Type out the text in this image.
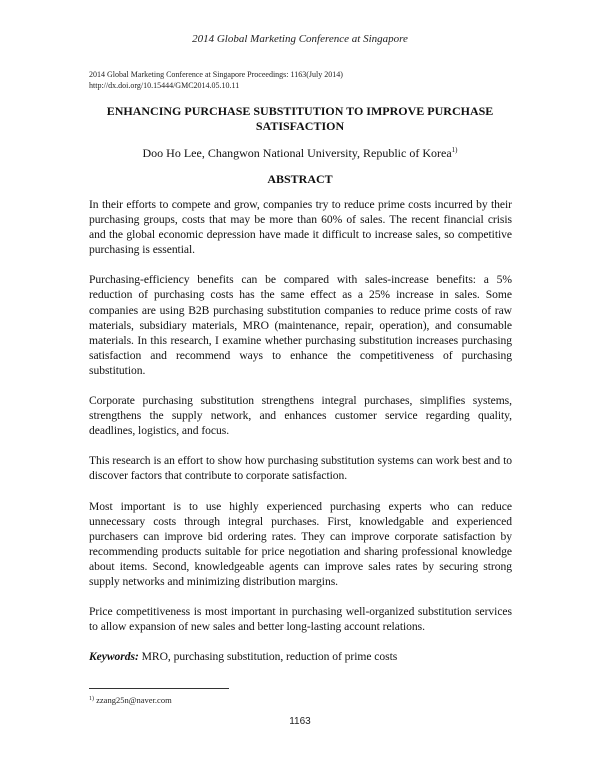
2014 Global Marketing Conference at Singapore
2014 Global Marketing Conference at Singapore Proceedings: 1163(July 2014)
http://dx.doi.org/10.15444/GMC2014.05.10.11
ENHANCING PURCHASE SUBSTITUTION TO IMPROVE PURCHASE
SATISFACTION
Doo Ho Lee, Changwon National University, Republic of Korea$^{1)}$
ABSTRACT

In their efforts to compete and grow, companies try to reduce prime costs incurred by their purchasing groups, costs that may be more than 60% of sales. The recent financial crisis and the global economic depression have made it difficult to increase sales, so competitive purchasing is essential.

Purchasing-efficiency benefits can be compared with sales-increase benefits: a 5% reduction of purchasing costs has the same effect as a 25% increase in sales. Some companies are using B2B purchasing substitution companies to reduce prime costs of raw materials, subsidiary materials, MRO (maintenance, repair, operation), and consumable materials. In this research, I examine whether purchasing substitution increases purchasing satisfaction and recommend ways to enhance the competitiveness of purchasing substitution.

Corporate purchasing substitution strengthens integral purchases, simplifies systems, strengthens the supply network, and enhances customer service regarding quality, deadlines, logistics, and focus.

This research is an effort to show how purchasing substitution systems can work best and to discover factors that contribute to corporate satisfaction.

Most important is to use highly experienced purchasing experts who can reduce unnecessary costs through integral purchases. First, knowledgable and experienced purchasers can improve bid ordering rates. They can improve corporate satisfaction by recommending products suitable for price negotiation and sharing professional knowledge about items. Second, knowledgeable agents can improve sales rates by securing strong supply networks and minimizing distribution margins.

Price competitiveness is most important in purchasing well-organized substitution services to allow expansion of new sales and better long-lasting account relations.

Keywords: MRO, purchasing substitution, reduction of prime costs

$^{1)}$ zzang25n@naver.com
1163
